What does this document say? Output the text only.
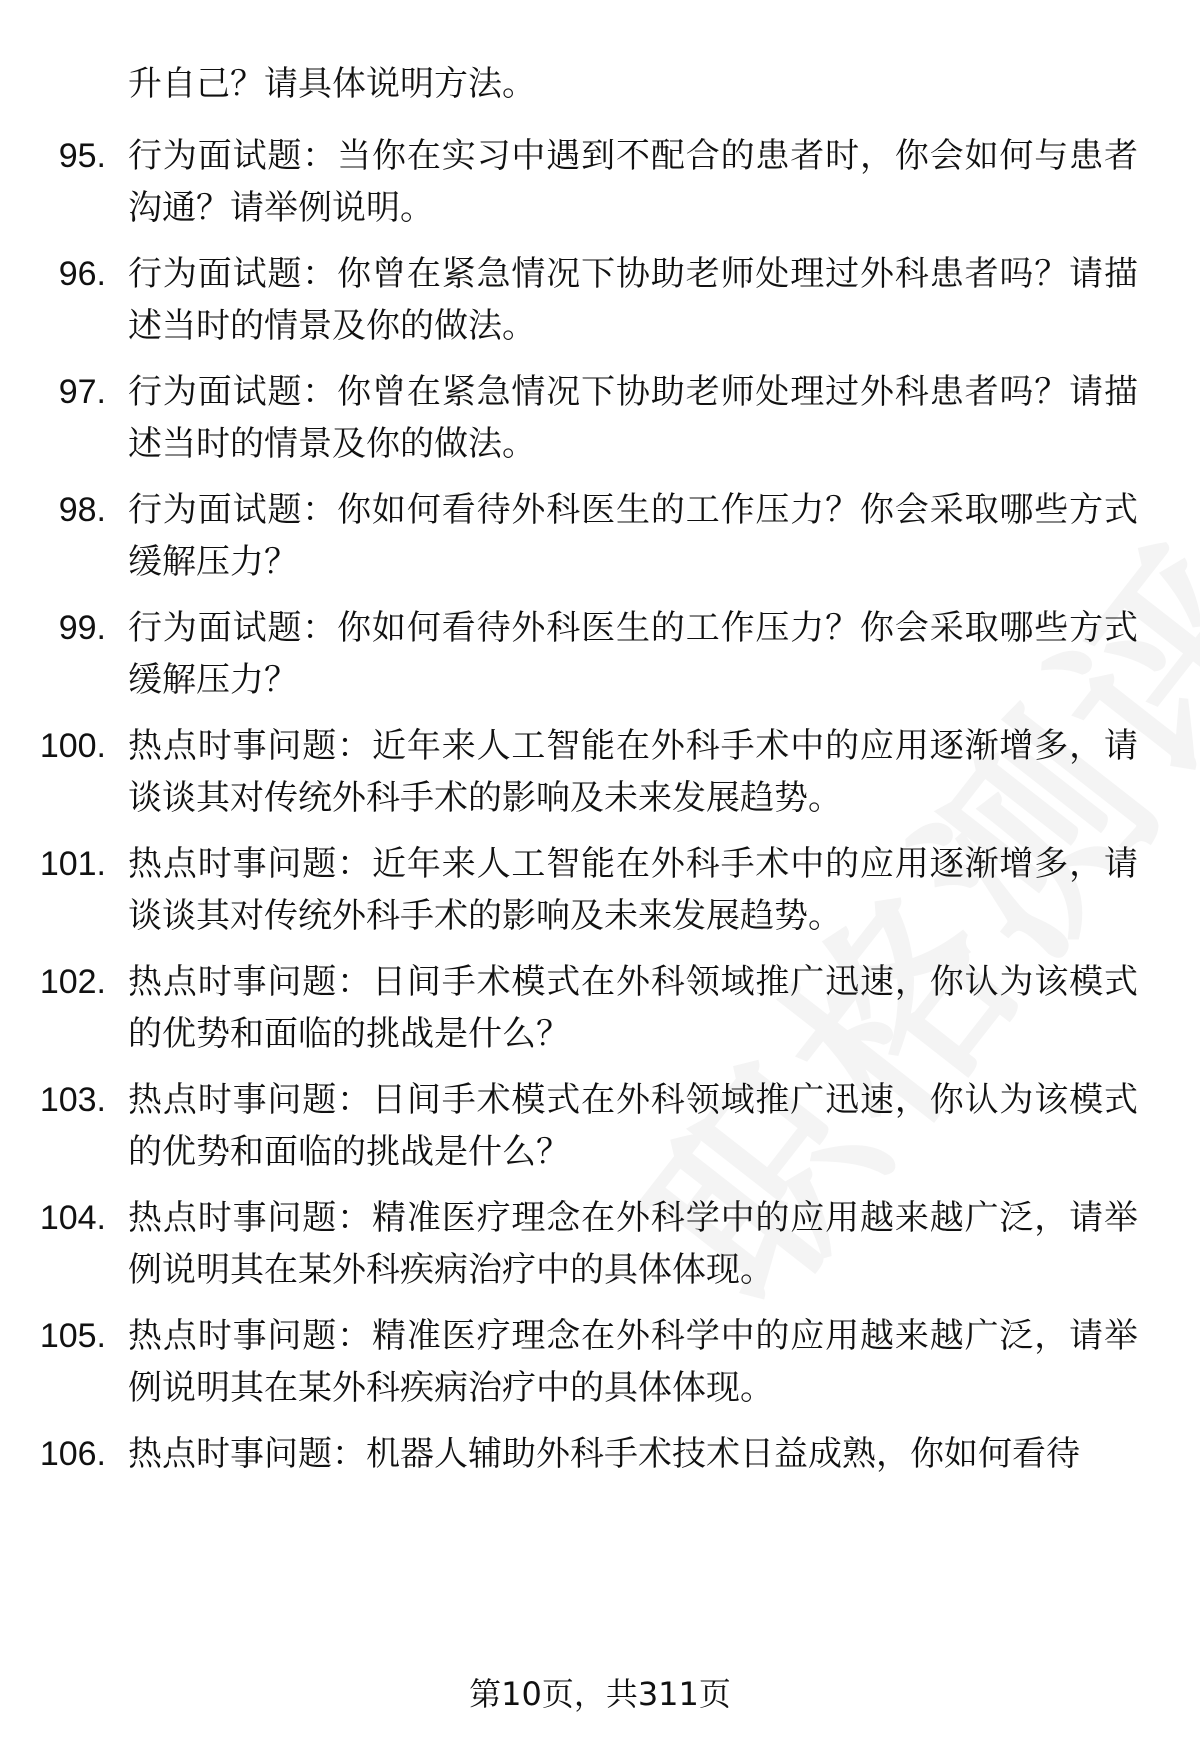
升自己？请具体说明方法。
95. 行为面试题：当你在实习中遇到不配合的患者时，你会如何与患者沟通？请举例说明。
96. 行为面试题：你曾在紧急情况下协助老师处理过外科患者吗？请描述当时的情景及你的做法。
97. 行为面试题：你曾在紧急情况下协助老师处理过外科患者吗？请描述当时的情景及你的做法。
98. 行为面试题：你如何看待外科医生的工作压力？你会采取哪些方式缓解压力？
99. 行为面试题：你如何看待外科医生的工作压力？你会采取哪些方式缓解压力？
100. 热点时事问题：近年来人工智能在外科手术中的应用逐渐增多，请谈谈其对传统外科手术的影响及未来发展趋势。
101. 热点时事问题：近年来人工智能在外科手术中的应用逐渐增多，请谈谈其对传统外科手术的影响及未来发展趋势。
102. 热点时事问题：日间手术模式在外科领域推广迅速，你认为该模式的优势和面临的挑战是什么？
103. 热点时事问题：日间手术模式在外科领域推广迅速，你认为该模式的优势和面临的挑战是什么？
104. 热点时事问题：精准医疗理念在外科学中的应用越来越广泛，请举例说明其在某外科疾病治疗中的具体体现。
105. 热点时事问题：精准医疗理念在外科学中的应用越来越广泛，请举例说明其在某外科疾病治疗中的具体体现。
106. 热点时事问题：机器人辅助外科手术技术日益成熟，你如何看待
第10页，共311页
